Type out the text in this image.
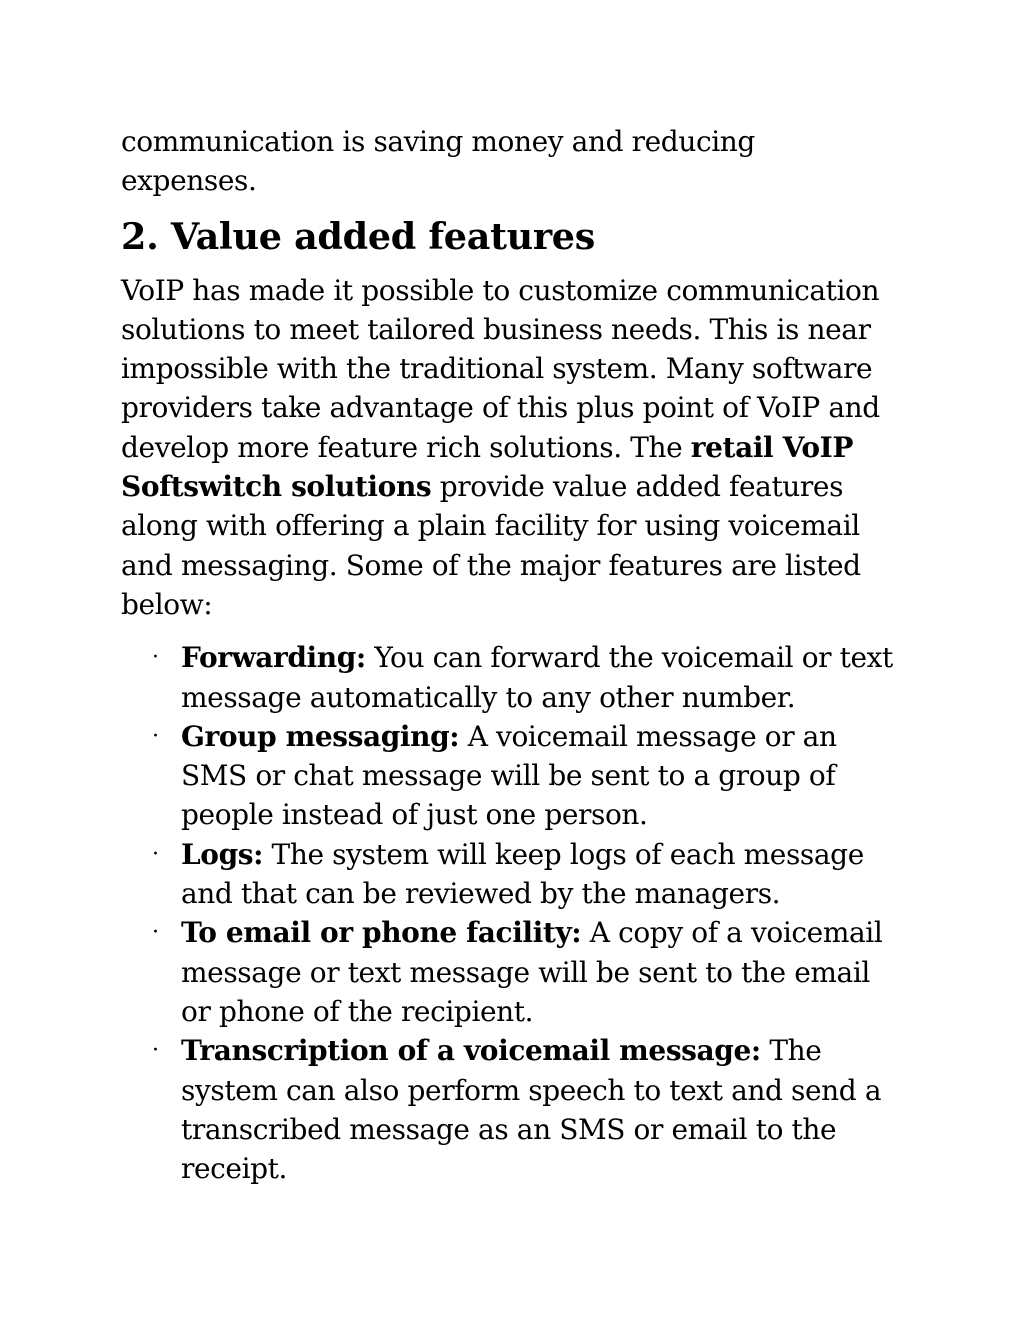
communication is saving money and reducing expenses.

2. Value added features

VoIP has made it possible to customize communication solutions to meet tailored business needs. This is near impossible with the traditional system. Many software providers take advantage of this plus point of VoIP and develop more feature rich solutions. The retail VoIP Softswitch solutions provide value added features along with offering a plain facility for using voicemail and messaging. Some of the major features are listed below:

· Forwarding: You can forward the voicemail or text message automatically to any other number.
· Group messaging: A voicemail message or an SMS or chat message will be sent to a group of people instead of just one person.
· Logs: The system will keep logs of each message and that can be reviewed by the managers.
· To email or phone facility: A copy of a voicemail message or text message will be sent to the email or phone of the recipient.
· Transcription of a voicemail message: The system can also perform speech to text and send a transcribed message as an SMS or email to the receipt.
